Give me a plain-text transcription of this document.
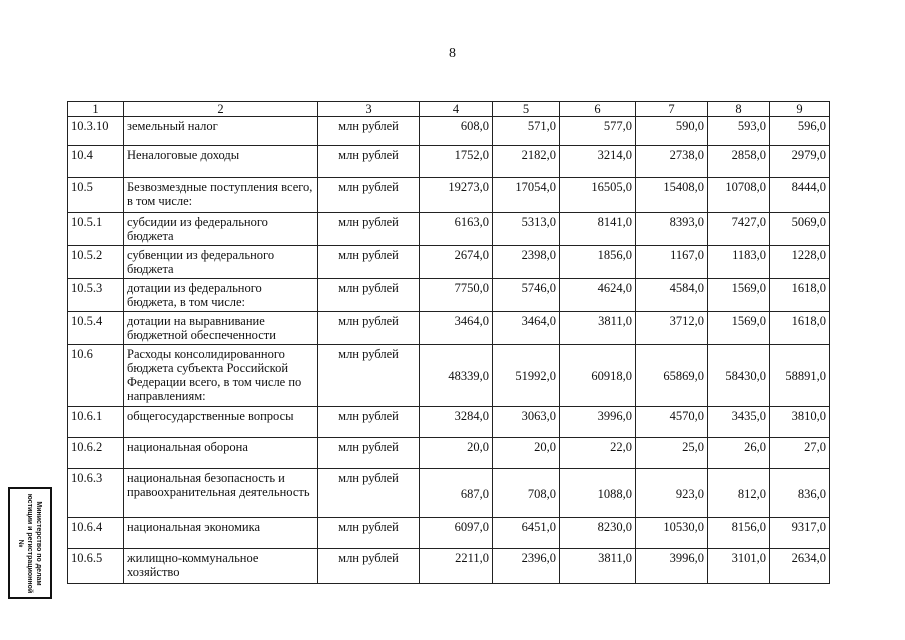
8
1	2	3	4	5	6	7	8	9
10.3.10	земельный налог	млн рублей	608,0	571,0	577,0	590,0	593,0	596,0
10.4	Неналоговые доходы	млн рублей	1752,0	2182,0	3214,0	2738,0	2858,0	2979,0
10.5	Безвозмездные поступления всего, в том числе:	млн рублей	19273,0	17054,0	16505,0	15408,0	10708,0	8444,0
10.5.1	субсидии из федерального бюджета	млн рублей	6163,0	5313,0	8141,0	8393,0	7427,0	5069,0
10.5.2	субвенции из федерального бюджета	млн рублей	2674,0	2398,0	1856,0	1167,0	1183,0	1228,0
10.5.3	дотации из федерального бюджета, в том числе:	млн рублей	7750,0	5746,0	4624,0	4584,0	1569,0	1618,0
10.5.4	дотации на выравнивание бюджетной обеспеченности	млн рублей	3464,0	3464,0	3811,0	3712,0	1569,0	1618,0
10.6	Расходы консолидированного бюджета субъекта Российской Федерации всего, в том числе по направлениям:	млн рублей	48339,0	51992,0	60918,0	65869,0	58430,0	58891,0
10.6.1	общегосударственные вопросы	млн рублей	3284,0	3063,0	3996,0	4570,0	3435,0	3810,0
10.6.2	национальная оборона	млн рублей	20,0	20,0	22,0	25,0	26,0	27,0
10.6.3	национальная безопасность и правоохранительная деятельность	млн рублей	687,0	708,0	1088,0	923,0	812,0	836,0
10.6.4	национальная экономика	млн рублей	6097,0	6451,0	8230,0	10530,0	8156,0	9317,0
10.6.5	жилищно-коммунальное хозяйство	млн рублей	2211,0	2396,0	3811,0	3996,0	3101,0	2634,0
Министерство по делам
юстиции и регистрационной
№
